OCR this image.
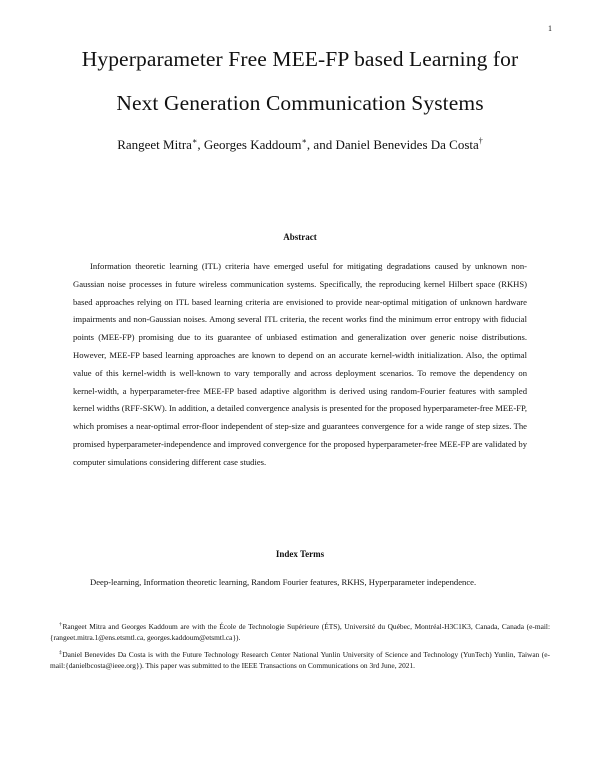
1
Hyperparameter Free MEE-FP based Learning for
Next Generation Communication Systems
Rangeet Mitra∗, Georges Kaddoum∗, and Daniel Benevides Da Costa†
Abstract

Information theoretic learning (ITL) criteria have emerged useful for mitigating degradations caused by unknown non-Gaussian noise processes in future wireless communication systems. Specifically, the reproducing kernel Hilbert space (RKHS) based approaches relying on ITL based learning criteria are envisioned to provide near-optimal mitigation of unknown hardware impairments and non-Gaussian noises. Among several ITL criteria, the recent works find the minimum error entropy with fiducial points (MEE-FP) promising due to its guarantee of unbiased estimation and generalization over generic noise distributions. However, MEE-FP based learning approaches are known to depend on an accurate kernel-width initialization. Also, the optimal value of this kernel-width is well-known to vary temporally and across deployment scenarios. To remove the dependency on kernel-width, a hyperparameter-free MEE-FP based adaptive algorithm is derived using random-Fourier features with sampled kernel widths (RFF-SKW). In addition, a detailed convergence analysis is presented for the proposed hyperparameter-free MEE-FP, which promises a near-optimal error-floor independent of step-size and guarantees convergence for a wide range of step sizes. The promised hyperparameter-independence and improved convergence for the proposed hyperparameter-free MEE-FP are validated by computer simulations considering different case studies.

Index Terms

Deep-learning, Information theoretic learning, Random Fourier features, RKHS, Hyperparameter independence.

†Rangeet Mitra and Georges Kaddoum are with the École de Technologie Supérieure (ÉTS), Université du Québec, Montréal-H3C1K3, Canada, Canada (e-mail: {rangeet.mitra.1@ens.etsmtl.ca, georges.kaddoum@etsmtl.ca}).

‡Daniel Benevides Da Costa is with the Future Technology Research Center National Yunlin University of Science and Technology (YunTech) Yunlin, Taiwan (e-mail:{danielbcosta@ieee.org}). This paper was submitted to the IEEE Transactions on Communications on 3rd June, 2021.
